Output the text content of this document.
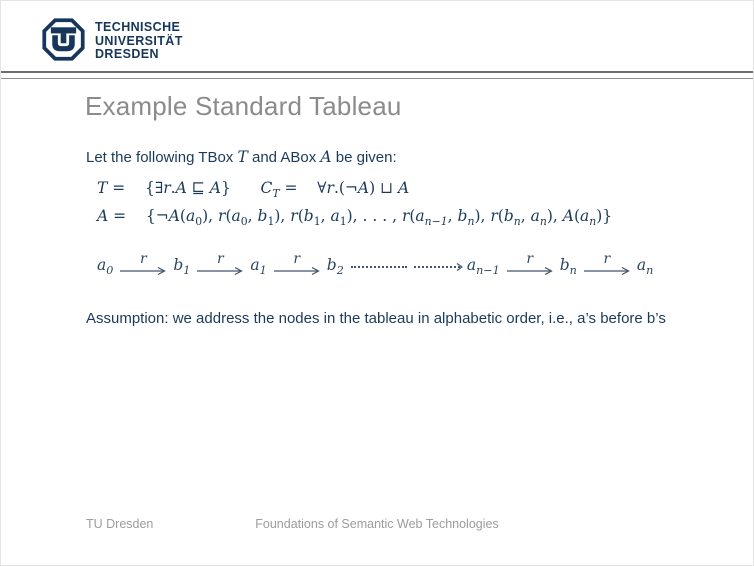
TECHNISCHE
UNIVERSITÄT
DRESDEN
Example Standard Tableau
Let the following TBox T and ABox A be given:
T =    {∃r.A ⊑ A}      $C_T$ =    ∀r.(¬A) ⊔ A
A =    {$\neg A(a_0)$, $r(a_0$, $b_1$), $r(b_1$, $a_1$), . . . , $r(a_{n-1}$, $b_n$), $r(b_n$, $a_n$), $A(a_n)$}
$a_0$
r $b_1$
r $a_1$
r $b_2$	$a_{n-1}$
r $b_n$
r $a_n$
Assumption: we address the nodes in the tableau in alphabetic order, i.e., a’s before b’s
Foundations of Semantic Web Technologies
TU Dresden
